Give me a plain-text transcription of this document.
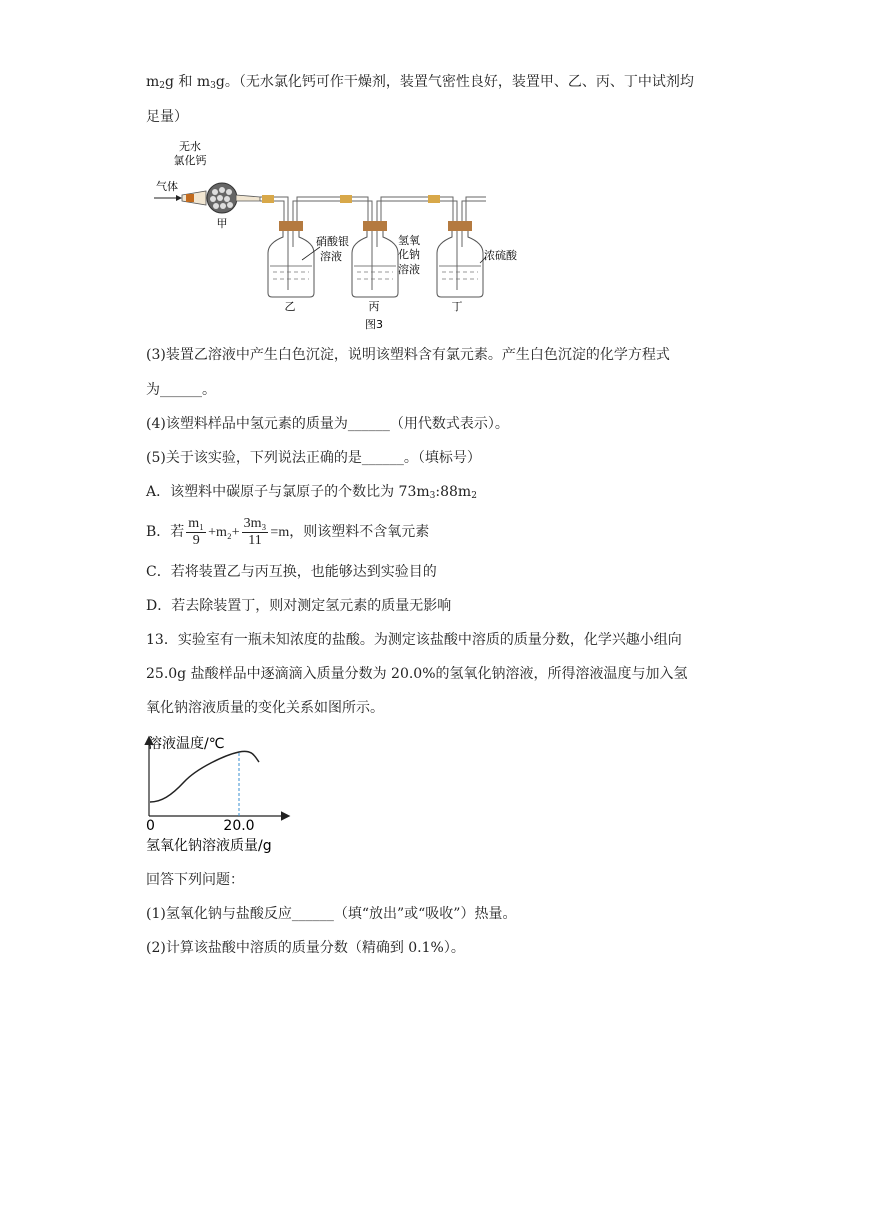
$m_2g$ 和 $m_3g$。（无水氯化钙可作干燥剂，装置气密性良好，装置甲、乙、丙、丁中试剂均
足量）
无水
氯化钙
气体
甲
硝酸银
溶液
乙
氢氧
化钠
溶液
丙
浓硫酸
丁
图3
(3)装置乙溶液中产生白色沉淀，说明该塑料含有氯元素。产生白色沉淀的化学方程式
为______。
(4)该塑料样品中氢元素的质量为______（用代数式表示）。
(5)关于该实验，下列说法正确的是______。（填标号）
A．该塑料中碳原子与氯原子的个数比为 $73m_3:88m_2$
B．若 $\frac{\text{m₁}}{9} +m_2+ \frac{\text{3m₃}}{11} =m$，则该塑料不含氧元素
C．若将装置乙与丙互换，也能够达到实验目的
D．若去除装置丁，则对测定氢元素的质量无影响
13．实验室有一瓶未知浓度的盐酸。为测定该盐酸中溶质的质量分数，化学兴趣小组向
25.0g 盐酸样品中逐滴滴入质量分数为 20.0%的氢氧化钠溶液，所得溶液温度与加入氢
氧化钠溶液质量的变化关系如图所示。
溶液温度/℃
0	20.0
氢氧化钠溶液质量/g
回答下列问题：
(1)氢氧化钠与盐酸反应______（填“放出”或“吸收”）热量。
(2)计算该盐酸中溶质的质量分数（精确到 0.1%）。
